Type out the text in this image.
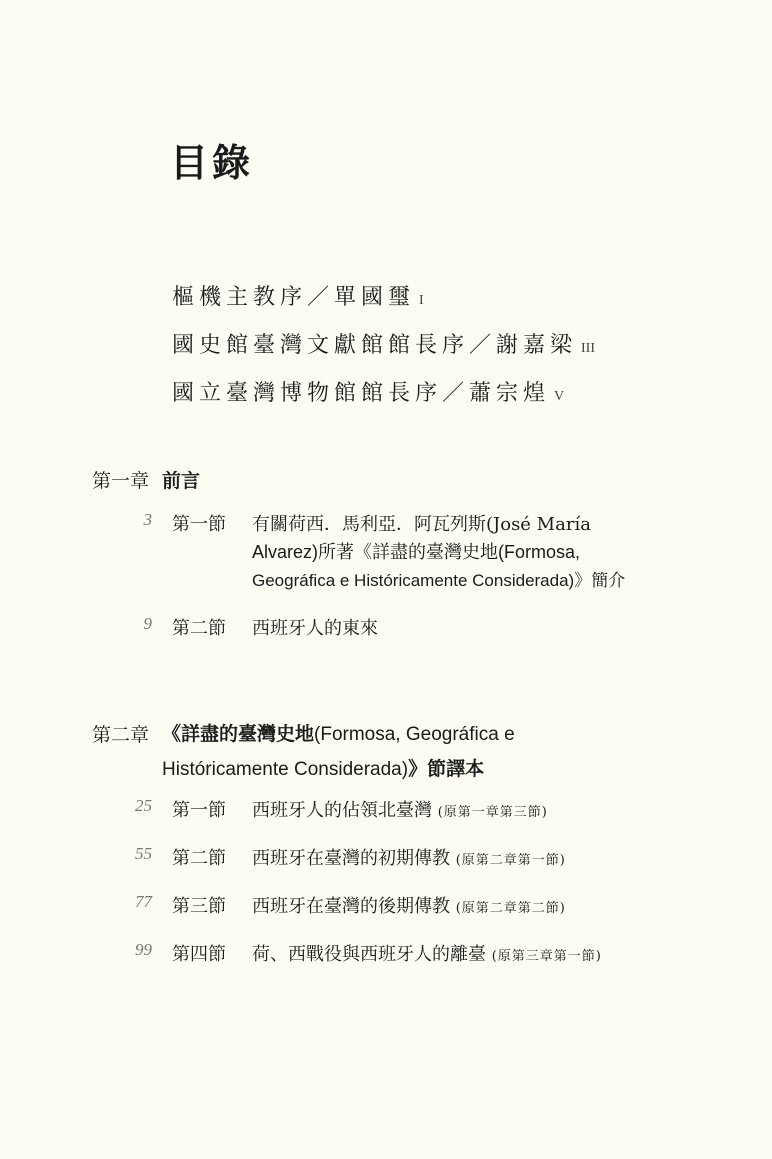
目錄
樞機主教序／單國璽 I
國史館臺灣文獻館館長序／謝嘉梁 III
國立臺灣博物館館長序／蕭宗煌 V
第一章 前言
3 第一節 有關荷西．馬利亞．阿瓦列斯(José María
Alvarez)所著《詳盡的臺灣史地(Formosa,
Geográfica e Históricamente Considerada)》簡介
9 第二節 西班牙人的東來
第二章 《詳盡的臺灣史地(Formosa, Geográfica e
Históricamente Considerada)》節譯本
25 第一節 西班牙人的佔領北臺灣 (原第一章第三節)
55 第二節 西班牙在臺灣的初期傳教 (原第二章第一節)
77 第三節 西班牙在臺灣的後期傳教 (原第二章第二節)
99 第四節 荷、西戰役與西班牙人的離臺 (原第三章第一節)
